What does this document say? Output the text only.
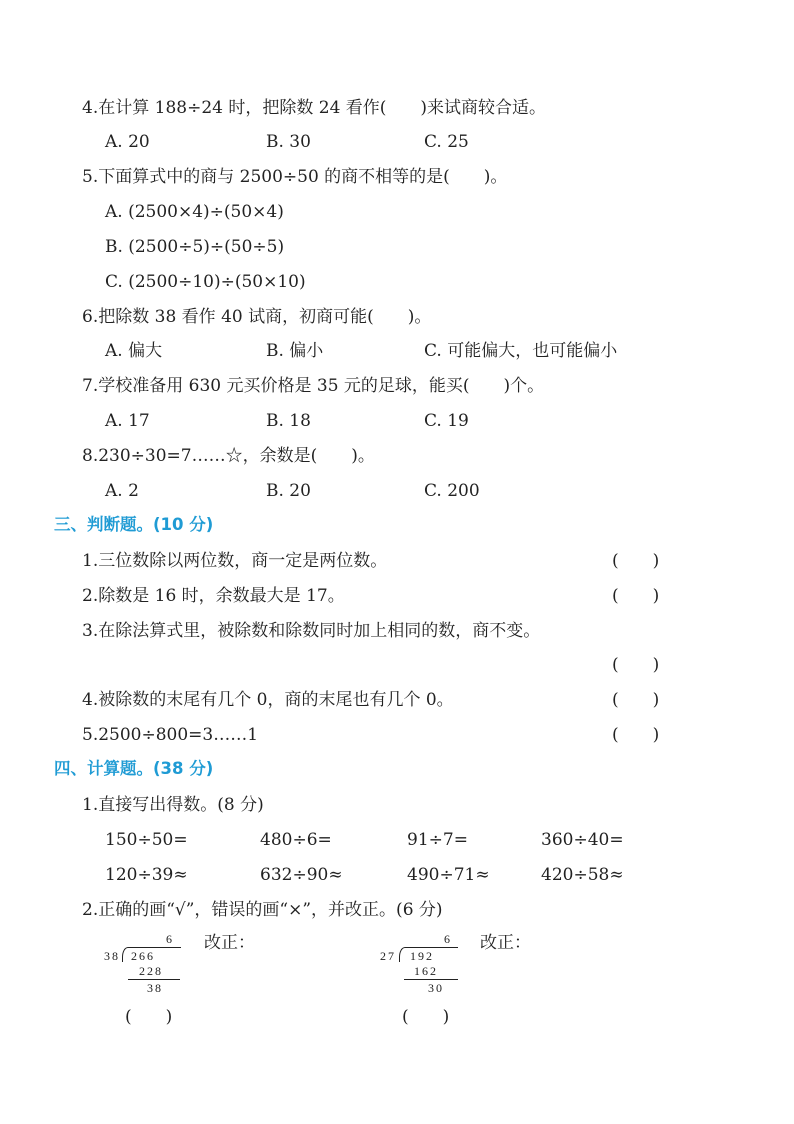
4.在计算 188÷24 时，把除数 24 看作(　　)来试商较合适。
A. 20	B. 30	C. 25
5.下面算式中的商与 2500÷50 的商不相等的是(　　)。
A. (2500×4)÷(50×4)
B. (2500÷5)÷(50÷5)
C. (2500÷10)÷(50×10)
6.把除数 38 看作 40 试商，初商可能(　　)。
A. 偏大	B. 偏小	C. 可能偏大，也可能偏小
7.学校准备用 630 元买价格是 35 元的足球，能买(　　)个。
A. 17	B. 18	C. 19
8.230÷30=7……☆，余数是(　　)。
A. 2	B. 20	C. 200
三、判断题。(10 分)
1.三位数除以两位数，商一定是两位数。	(　　)
2.除数是 16 时，余数最大是 17。	(　　)
3.在除法算式里，被除数和除数同时加上相同的数，商不变。
(　　)
4.被除数的末尾有几个 0，商的末尾也有几个 0。	(　　)
5.2500÷800=3……1	(　　)
四、计算题。(38 分)
1.直接写出得数。(8 分)
150÷50=	480÷6=	91÷7=	360÷40=
120÷39≈	632÷90≈	490÷71≈	420÷58≈
2.正确的画“√”，错误的画“×”，并改正。(6 分)
6
38 266
228
38
改正：
(　　)
6
27 192
162
30
改正：
(　　)
